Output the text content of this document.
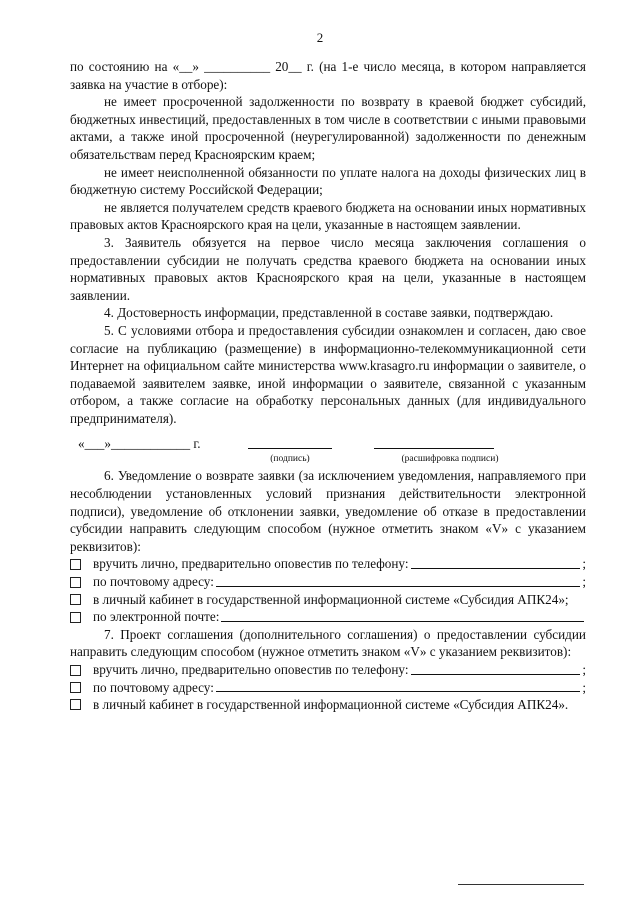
2

по состоянию на «__» __________ 20__ г. (на 1-е число месяца, в котором направляется заявка на участие в отборе):

не имеет просроченной задолженности по возврату в краевой бюджет субсидий, бюджетных инвестиций, предоставленных в том числе в соответствии с иными правовыми актами, а также иной просроченной (неурегулированной) задолженности по денежным обязательствам перед Красноярским краем;

не имеет неисполненной обязанности по уплате налога на доходы физических лиц в бюджетную систему Российской Федерации;

не является получателем средств краевого бюджета на основании иных нормативных правовых актов Красноярского края на цели, указанные в настоящем заявлении.

3. Заявитель обязуется на первое число месяца заключения соглашения о предоставлении субсидии не получать средства краевого бюджета на основании иных нормативных правовых актов Красноярского края на цели, указанные в настоящем заявлении.

4. Достоверность информации, представленной в составе заявки, подтверждаю.

5. С условиями отбора и предоставления субсидии ознакомлен и согласен, даю свое согласие на публикацию (размещение) в информационно-телекоммуникационной сети Интернет на официальном сайте министерства www.krasagro.ru информации о заявителе, о подаваемой заявителем заявке, иной информации о заявителе, связанной с указанным отбором, а также согласие на обработку персональных данных (для индивидуального предпринимателя).

«___»____________ г.
(подпись)	(расшифровка подписи)

6. Уведомление о возврате заявки (за исключением уведомления, направляемого при несоблюдении установленных условий признания действительности электронной подписи), уведомление об отклонении заявки, уведомление об отказе в предоставлении субсидии направить следующим способом (нужное отметить знаком «V» с указанием реквизитов):

вручить лично, предварительно оповестив по телефону:	;
по почтовому адресу:	;
в личный кабинет в государственной информационной системе «Субсидия АПК24»;
по электронной почте:

7. Проект соглашения (дополнительного соглашения) о предоставлении субсидии направить следующим способом (нужное отметить знаком «V» с указанием реквизитов):

вручить лично, предварительно оповестив по телефону:	;
по почтовому адресу:	;
в личный кабинет в государственной информационной системе «Субсидия АПК24».
